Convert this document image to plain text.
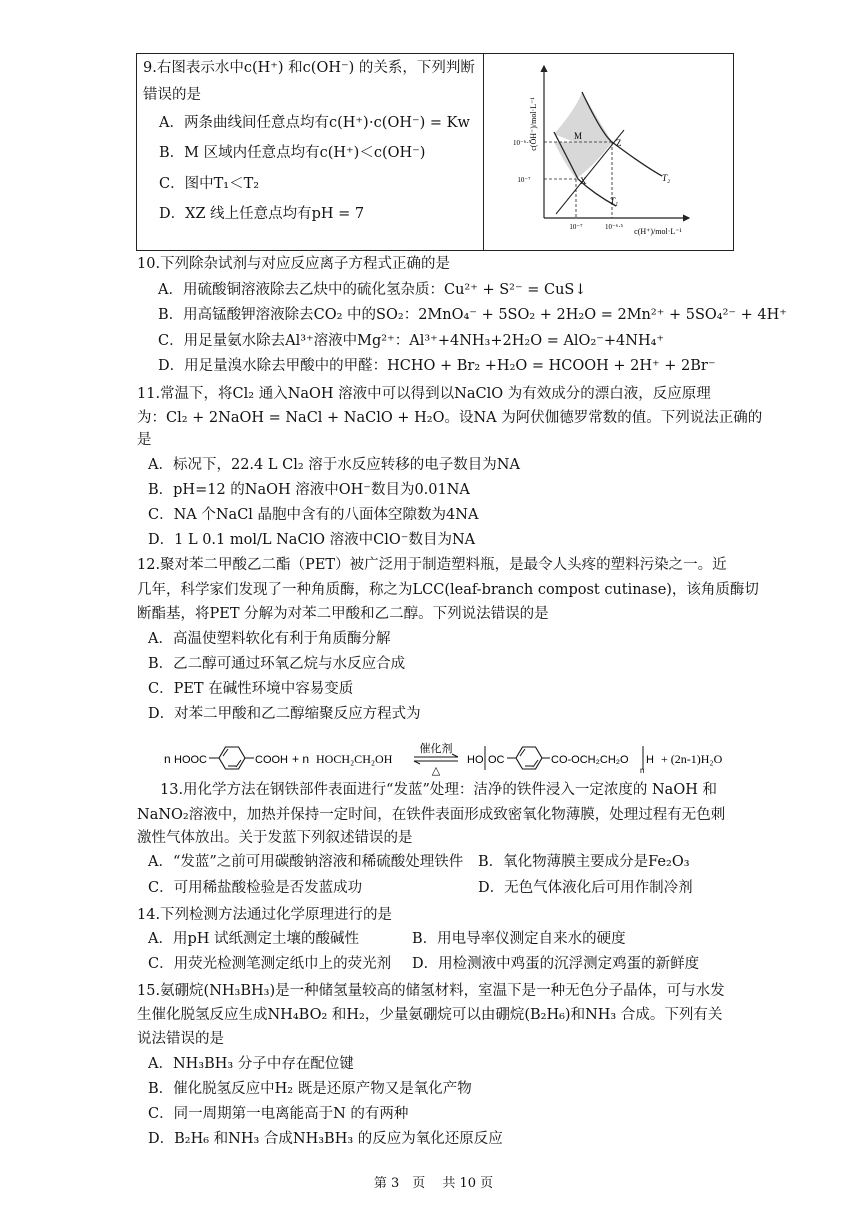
9.右图表示水中c(H⁺) 和c(OH⁻) 的关系，下列判断
错误的是
A．两条曲线间任意点均有c(H⁺)⋅c(OH⁻) = Kw
B．M 区域内任意点均有c(H⁺)＜c(OH⁻)
C．图中T₁＜T₂
D．XZ 线上任意点均有pH = 7
c(OH⁻)/mol·L⁻¹
c(H⁺)/mol·L⁻¹
10⁻⁶·⁵
10⁻⁷
10⁻⁷	10⁻⁶·⁵
M
Z
X	T₂
T₁
10.下列除杂试剂与对应反应离子方程式正确的是
A．用硫酸铜溶液除去乙炔中的硫化氢杂质：Cu²⁺ + S²⁻ = CuS↓
B．用高锰酸钾溶液除去CO₂ 中的SO₂：2MnO₄⁻ + 5SO₂ + 2H₂O = 2Mn²⁺ + 5SO₄²⁻ + 4H⁺
C．用足量氨水除去Al³⁺溶液中Mg²⁺：Al³⁺+4NH₃+2H₂O = AlO₂⁻+4NH₄⁺
D．用足量溴水除去甲酸中的甲醛：HCHO + Br₂ +H₂O = HCOOH + 2H⁺ + 2Br⁻
11.常温下，将Cl₂ 通入NaOH 溶液中可以得到以NaClO 为有效成分的漂白液，反应原理
为：Cl₂ + 2NaOH = NaCl + NaClO + H₂O。设NA 为阿伏伽德罗常数的值。下列说法正确的
是
A．标况下，22.4 L Cl₂ 溶于水反应转移的电子数目为NA
B．pH=12 的NaOH 溶液中OH⁻数目为0.01NA
C．NA 个NaCl 晶胞中含有的八面体空隙数为4NA
D．1 L 0.1 mol/L NaClO 溶液中ClO⁻数目为NA
12.聚对苯二甲酸乙二酯（PET）被广泛用于制造塑料瓶，是最令人头疼的塑料污染之一。近
几年，科学家们发现了一种角质酶，称之为LCC(leaf-branch compost cutinase)，该角质酶切
断酯基，将PET 分解为对苯二甲酸和乙二醇。下列说法错误的是
A．高温使塑料软化有利于角质酶分解
B．乙二醇可通过环氧乙烷与水反应合成
C．PET 在碱性环境中容易变质
D．对苯二甲酸和乙二醇缩聚反应方程式为
n HOOC	COOH + n HOCH₂CH₂OH
催化剂
△
HO OC	CO-OCH₂CH₂O H
n
+ (2n-1)H₂O
13.用化学方法在钢铁部件表面进行“发蓝”处理：洁净的铁件浸入一定浓度的 NaOH 和
NaNO₂溶液中，加热并保持一定时间，在铁件表面形成致密氧化物薄膜，处理过程有无色刺
激性气体放出。关于发蓝下列叙述错误的是
A．“发蓝”之前可用碳酸钠溶液和稀硫酸处理铁件 B．氧化物薄膜主要成分是Fe₂O₃
C．可用稀盐酸检验是否发蓝成功	D．无色气体液化后可用作制冷剂
14.下列检测方法通过化学原理进行的是
A．用pH 试纸测定土壤的酸碱性	B．用电导率仪测定自来水的硬度
C．用荧光检测笔测定纸巾上的荧光剂 D．用检测液中鸡蛋的沉浮测定鸡蛋的新鲜度
15.氨硼烷(NH₃BH₃)是一种储氢量较高的储氢材料，室温下是一种无色分子晶体，可与水发
生催化脱氢反应生成NH₄BO₂ 和H₂，少量氨硼烷可以由硼烷(B₂H₆)和NH₃ 合成。下列有关
说法错误的是
A．NH₃BH₃ 分子中存在配位键
B．催化脱氢反应中H₂ 既是还原产物又是氧化产物
C．同一周期第一电离能高于N 的有两种
D．B₂H₆ 和NH₃ 合成NH₃BH₃ 的反应为氧化还原反应
第 3　页　 共 10 页
